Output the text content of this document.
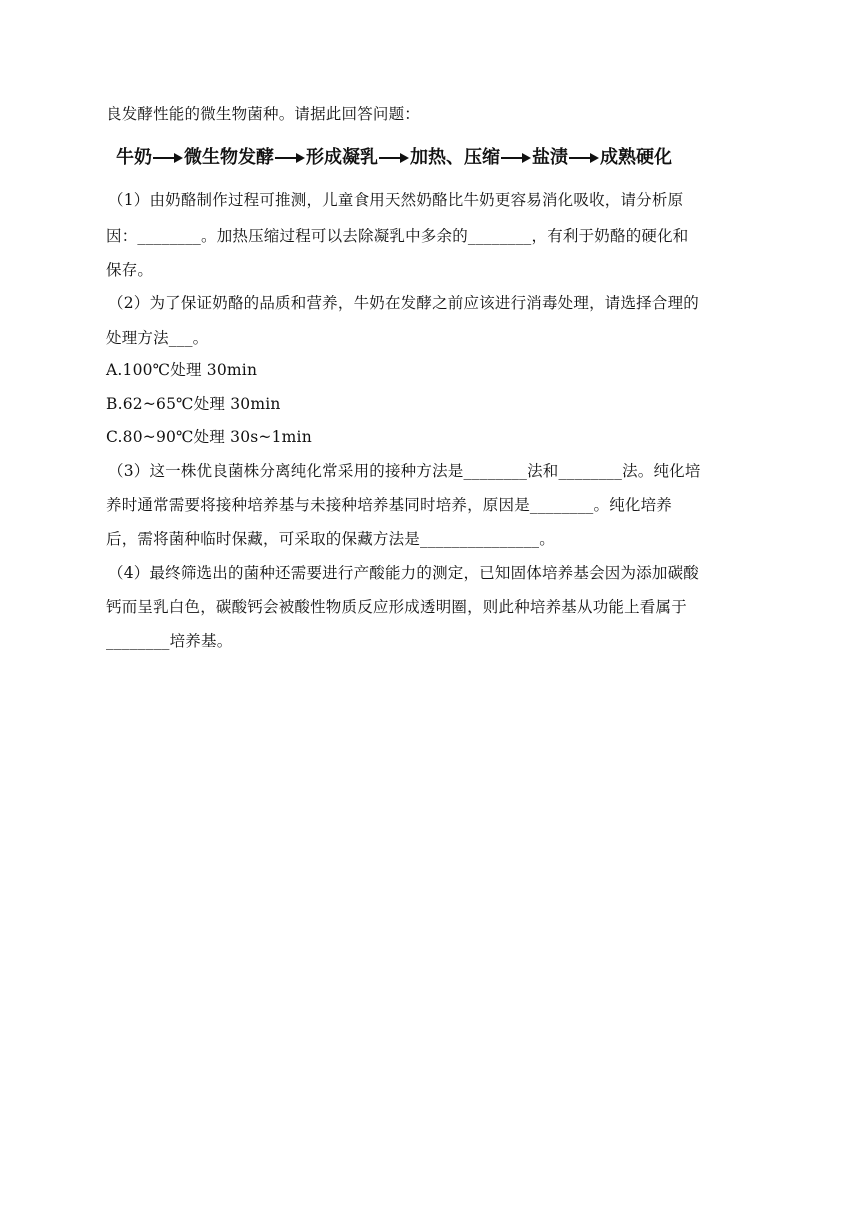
良发酵性能的微生物菌种。请据此回答问题：
牛奶 微生物发酵 形成凝乳 加热、压缩 盐渍 成熟硬化
（1）由奶酪制作过程可推测，儿童食用天然奶酪比牛奶更容易消化吸收，请分析原
因：________。加热压缩过程可以去除凝乳中多余的________，有利于奶酪的硬化和
保存。
（2）为了保证奶酪的品质和营养，牛奶在发酵之前应该进行消毒处理，请选择合理的
处理方法___。
A.100℃处理 30min
B.62~65℃处理 30min
C.80~90℃处理 30s~1min
（3）这一株优良菌株分离纯化常采用的接种方法是________法和________法。纯化培
养时通常需要将接种培养基与未接种培养基同时培养，原因是________。纯化培养
后，需将菌种临时保藏，可采取的保藏方法是_______________。
（4）最终筛选出的菌种还需要进行产酸能力的测定，已知固体培养基会因为添加碳酸
钙而呈乳白色，碳酸钙会被酸性物质反应形成透明圈，则此种培养基从功能上看属于
________培养基。
